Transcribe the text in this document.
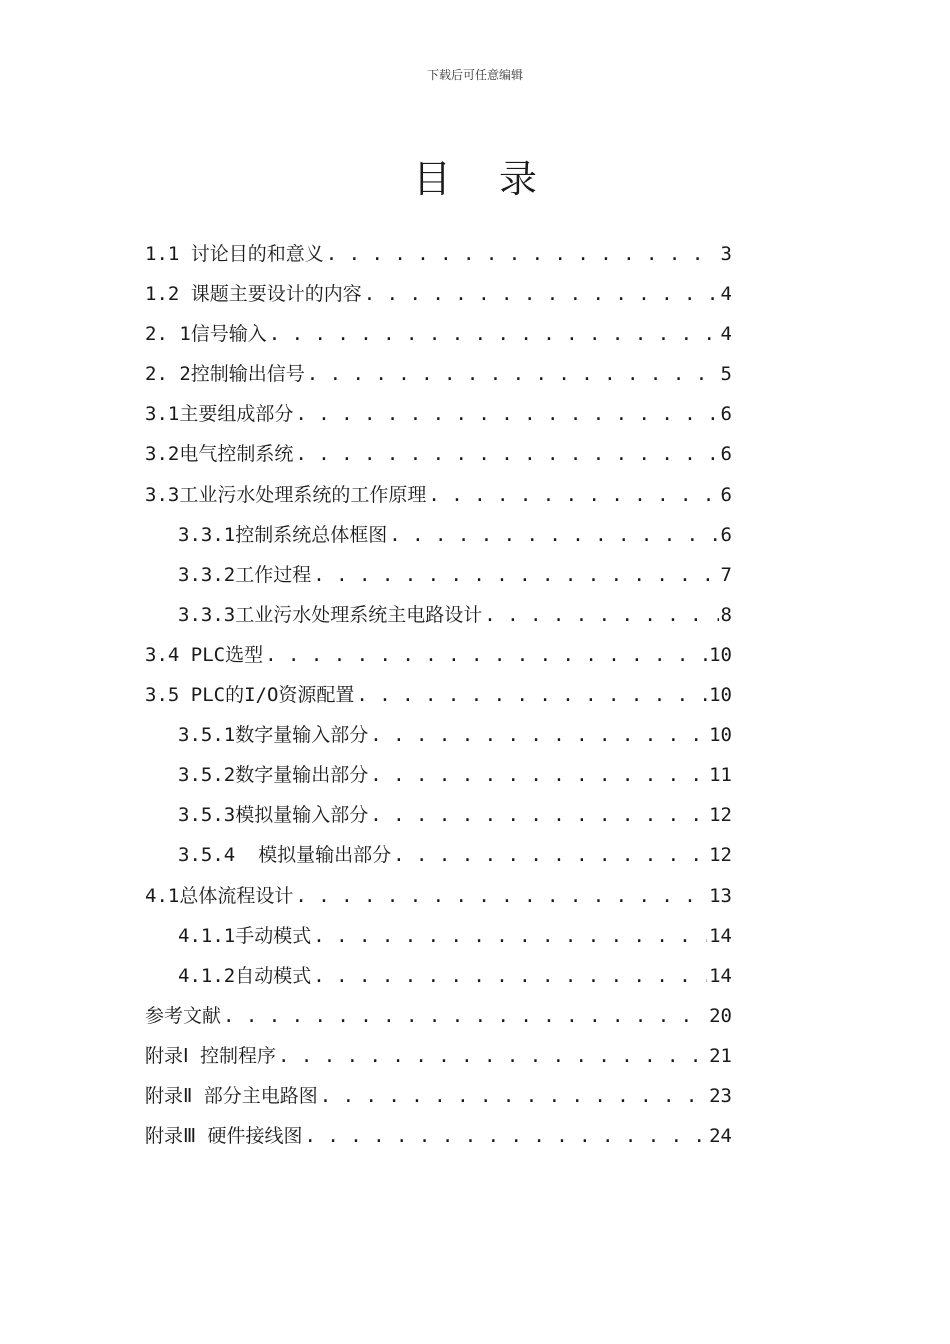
下载后可任意编辑
目 录
1.1 讨论目的和意义 . . .	3
1.2 课题主要设计的内容 . . .	4
2. 1信号输入 . . .	4
2. 2控制输出信号 . . .	5
3.1主要组成部分 . . .	6
3.2电气控制系统 . . .	6
3.3工业污水处理系统的工作原理 . . .	6
3.3.1控制系统总体框图 . . .	6
3.3.2工作过程 . . .	7
3.3.3工业污水处理系统主电路设计 . . .	8
3.4 PLC选型 . . .	10
3.5 PLC的I/O资源配置 . . .	10
3.5.1数字量输入部分 . . .	10
3.5.2数字量输出部分 . . .	11
3.5.3模拟量输入部分 . . .	12
3.5.4  模拟量输出部分 . . .	12
4.1总体流程设计 . . .	13
4.1.1手动模式 . . .	14
4.1.2自动模式 . . .	14
参考文献 . . .	20
附录Ⅰ 控制程序 . . .	21
附录Ⅱ 部分主电路图 . . .	23
附录Ⅲ 硬件接线图 . . .	24
